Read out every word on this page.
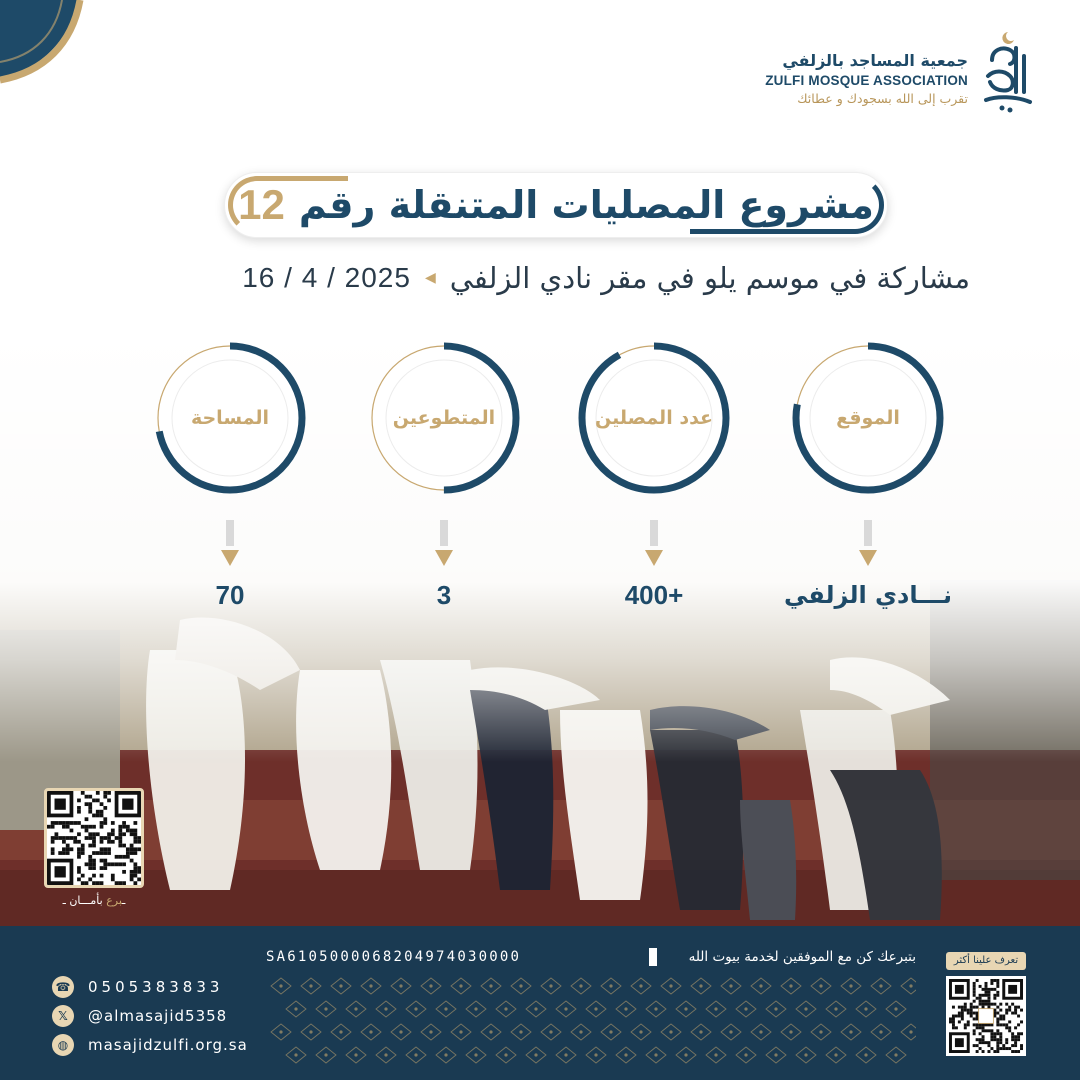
جمعية المساجد بالزلفي
ZULFI MOSQUE ASSOCIATION
تقرب إلى الله بسجودك و عطائك
مشروع المصليات المتنقلة رقم
12
2025 / 4 / 16 ◀ مشاركة في موسم يلو في مقر نادي الزلفي
الموقع
نـــادي الزلفي
عدد المصلين
400+
المتطوعين
3
المساحة
70
ـبرع بأمـــان ـ
SA6105000068204974030000	بتبرعك كن مع الموفقين لخدمة بيوت الله
☎ 0505383833
𝕏	@almasajid5358
◍	masajidzulfi.org.sa
تعرف علينا أكثر
